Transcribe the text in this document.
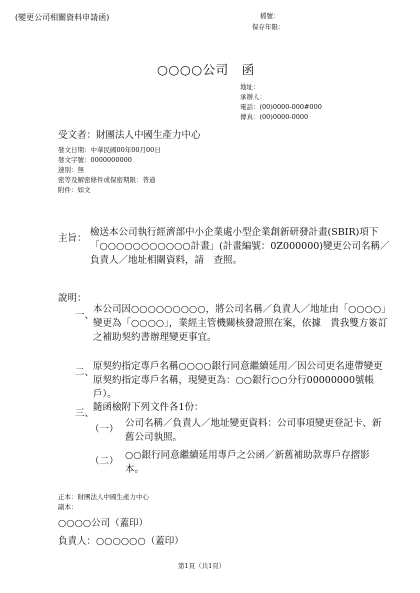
(變更公司相關資料申請函)	檔號：
保存年限：
○○○○公司　函
地址：
承辦人：
電話：(00)0000-000#000
傳真：(00)0000-0000
受文者：財團法人中國生產力中心
發文日期：中華民國00年00月00日
發文字號：0000000000
速別：無
密等及解密條件或保密期限：普通
附件：如文
主旨：
檢送本公司執行經濟部中小企業處小型企業創新研發計畫(SBIR)項下「○○○○○○○○○○○計畫」(計畫編號：0Z000000)變更公司名稱／負責人／地址相關資料，請　查照。
說明：
一、
本公司因○○○○○○○○○，將公司名稱／負責人／地址由「○○○○」變更為「○○○○」，業經主管機關核發證照在案，依據　貴我雙方簽訂之補助契約書辦理變更事宜。
二、
原契約指定專戶名稱○○○○銀行同意繼續延用／因公司更名連帶變更原契約指定專戶名稱，現變更為：○○銀行○○分行00000000號帳戶）。
三、
隨函檢附下列文件各1份：
（一）
公司名稱／負責人／地址變更資料：公司事項變更登記卡、新舊公司執照。
（二）
○○銀行同意繼續延用專戶之公函／新舊補助款專戶存摺影本。
正本：財團法人中國生產力中心
副本：
○○○○公司（蓋印）
負責人：○○○○○○（蓋印）
第1頁（共1頁）
